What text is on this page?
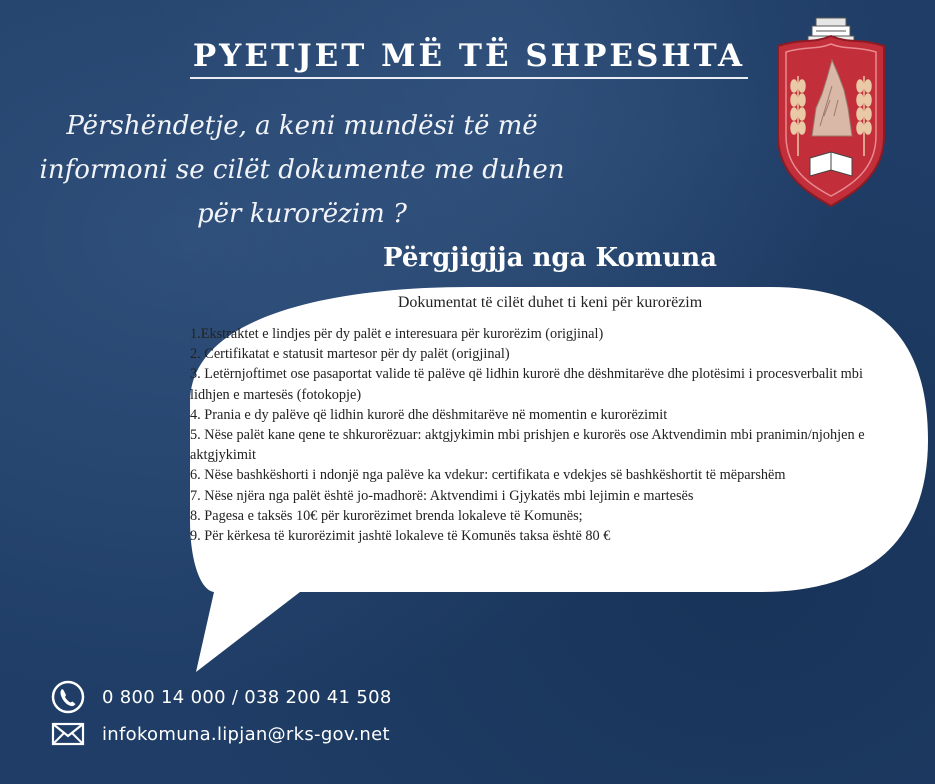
PYETJET MË TË SHPESHTA
Përshëndetje, a keni mundësi të më
informoni se cilët dokumente me duhen
për kurorëzim ?
Përgjigjja nga Komuna
Dokumentat të cilët duhet ti keni për kurorëzim
1.Ekstraktet e lindjes për dy palët e interesuara për kurorëzim (origjinal)
2. Certifikatat e statusit martesor për dy palët (origjinal)
3. Letërnjoftimet ose pasaportat valide të palëve që lidhin kurorë dhe dëshmitarëve dhe plotësimi i procesverbalit mbi
lidhjen e martesës (fotokopje)
4. Prania e dy palëve që lidhin kurorë dhe dëshmitarëve në momentin e kurorëzimit
5. Nëse palët kane qene te shkurorëzuar: aktgjykimin mbi prishjen e kurorës ose Aktvendimin mbi pranimin/njohjen e
aktgjykimit
6. Nëse bashkëshorti i ndonjë nga palëve ka vdekur: certifikata e vdekjes së bashkëshortit të mëparshëm
7. Nëse njëra nga palët është jo-madhorë: Aktvendimi i Gjykatës mbi lejimin e martesës
8. Pagesa e taksës 10€ për kurorëzimet brenda lokaleve të Komunës;
9. Për kërkesa të kurorëzimit jashtë lokaleve të Komunës taksa është 80 €
0 800 14 000 / 038 200 41 508
infokomuna.lipjan@rks-gov.net
